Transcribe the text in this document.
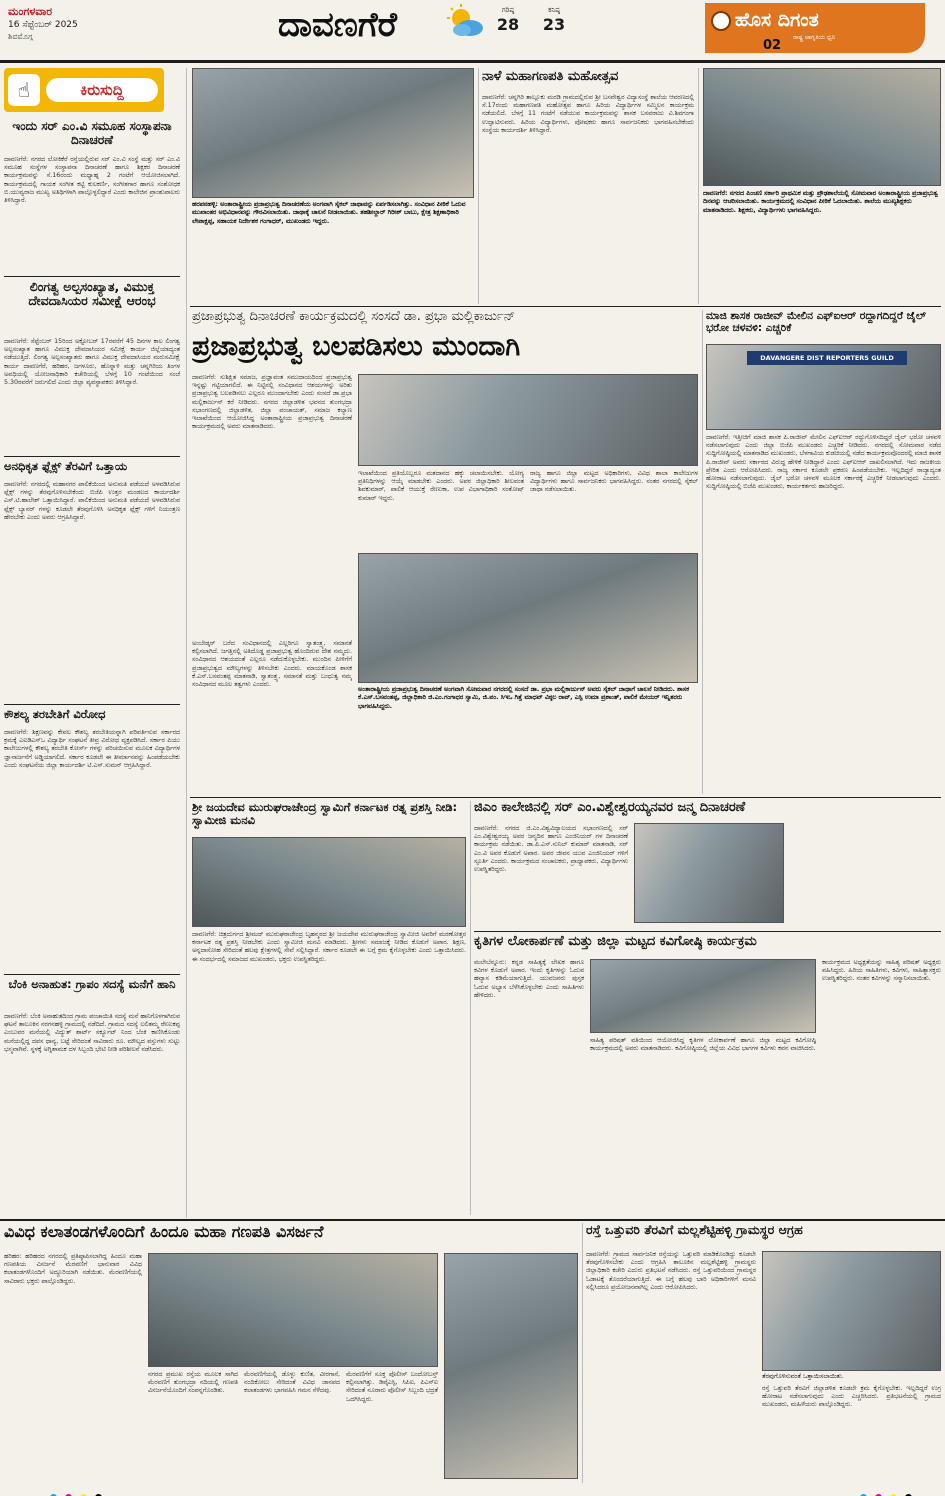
ಮಂಗಳವಾರ
16 ಸೆಪ್ಟೆಂಬರ್ 2025
ಶಿವಮೊಗ್ಗ	ದಾವಣಗೆರೆ	ಗರಿಷ್ಠ
28
ಕನಿಷ್ಠ
23	ಹೊಸ ದಿಗಂತ
ರಾಷ್ಟ್ರ ಜಾಗೃತಿಯ ಧ್ವನಿ
02
☝	ಕಿರುಸುದ್ದಿ
ಇಂದು ಸರ್ ಎಂ.ವಿ ಸಮೂಹ ಸಂಸ್ಥಾಪನಾ ದಿನಾಚರಣೆ
ದಾವಣಗೆರೆ: ನಗರದ ಲೋಕಿಕೆರೆ ರಸ್ತೆಯಲ್ಲಿರುವ ಸರ್ ಎಂ.ವಿ ಸಂಸ್ಥೆ ಮತ್ತು ಸರ್ ಎಂ.ವಿ ಸಮೂಹ ಸಂಸ್ಥೆಗಳ ಸಂಸ್ಥಾಪನಾ ದಿನಾಚರಣೆ ಹಾಗೂ ಶಿಕ್ಷಕರ ದಿನಾಚರಣೆ ಕಾರ್ಯಕ್ರಮವನ್ನು ಸೆ.16ರಂದು ಮಧ್ಯಾಹ್ನ 2 ಗಂಟೆಗೆ ಆಯೋಜಿಸಲಾಗಿದೆ. ಕಾರ್ಯಕ್ರಮದಲ್ಲಿ ಗಾಯಕ ಸಂಗೀತ ಕಟ್ಟಿ ಕುಲಕರ್ಣಿ, ಸಂಗೀತಗಾರ ಹಾಗೂ ಸಂಶೋಧಕ ಬಿ.ಯುವ್ವರಾಜ ಮುಖ್ಯ ಅತಿಥಿಗಳಾಗಿ ಪಾಲ್ಗೊಳ್ಳಲಿದ್ದಾರೆ ಎಂದು ಕಾಲೇಜಿನ ಪ್ರಾಂಶುಪಾಲರು ತಿಳಿಸಿದ್ದಾರೆ.
ಲಿಂಗತ್ವ ಅಲ್ಪಸಂಖ್ಯಾತ, ವಿಮುಕ್ತ ದೇವದಾಸಿಯರ ಸಮೀಕ್ಷೆ ಆರಂಭ
ದಾವಣಗೆರೆ: ಸೆಪ್ಟೆಂಬರ್ 15ರಿಂದ ಅಕ್ಟೋಬರ್ 17ರವರೆಗೆ 45 ದಿನಗಳ ಕಾಲ ಲಿಂಗತ್ವ ಅಲ್ಪಸಂಖ್ಯಾತ ಹಾಗೂ ವಿಮುಕ್ತ ದೇವದಾಸಿಯರ ಸಮೀಕ್ಷೆ ಕಾರ್ಯ ಜಿಲ್ಲೆಯಾದ್ಯಂತ ನಡೆಯುತ್ತಿದೆ. ಲಿಂಗತ್ವ ಅಲ್ಪಸಂಖ್ಯಾತರು ಹಾಗೂ ವಿಮುಕ್ತ ದೇವದಾಸಿಯರ ಮರುಸಮೀಕ್ಷೆ ಕಾರ್ಯ ದಾವಣಗೆರೆ, ಹರಿಹರ, ಜಗಳೂರು, ಹೊನ್ನಾಳಿ ಮತ್ತು ಚನ್ನಗಿರಿಯ ತಿಂಗಳ ಅವಧಿಯಲ್ಲಿ ಯೋಜನಾಧಿಕಾರಿ ಕಚೇರಿಯಲ್ಲಿ ಬೆಳಗ್ಗೆ 10 ಗಂಟೆಯಿಂದ ಸಂಜೆ 5.30ರವರೆಗೆ ಜರುಗಲಿದೆ ಎಂದು ಜಿಲ್ಲಾ ವ್ಯವಸ್ಥಾಪಕರು ತಿಳಿಸಿದ್ದಾರೆ.
ಅನಧಿಕೃತ ಫ್ಲೆಕ್ಸ್ ತೆರವಿಗೆ ಒತ್ತಾಯ
ದಾವಣಗೆರೆ: ನಗರದಲ್ಲಿ ಮಹಾನಗರ ಪಾಲಿಕೆಯಿಂದ ಅನುಮತಿ ಪಡೆಯದೆ ಅಳವಡಿಸಿರುವ ಫ್ಲೆಕ್ಸ್ ಗಳನ್ನು ತೆರವುಗೊಳಿಸಬೇಕೆಂದು ಬಿಜೆಪಿ ಉತ್ತರ ಮಂಡಲದ ಕಾರ್ಯದರ್ಶಿ ಎಸ್.ಟಿ.ಹಾಲೇಶ್ ಒತ್ತಾಯಿಸಿದ್ದಾರೆ. ಪಾಲಿಕೆಯಿಂದ ಅನುಮತಿ ಪಡೆಯದೆ ಅಳವಡಿಸಿರುವ ಫ್ಲೆಕ್ಸ್ ಬ್ಯಾನರ್ ಗಳನ್ನು ಕೂಡಲೇ ತೆರವುಗೊಳಿಸಿ ಅನಧಿಕೃತ ಫ್ಲೆಕ್ಸ್ ಗಳಿಗೆ ನಿಯಂತ್ರಣ ಹೇರಬೇಕು ಎಂದು ಅವರು ಆಗ್ರಹಿಸಿದ್ದಾರೆ.
ಕೌಶಲ್ಯ ತರಬೇತಿಗೆ ವಿರೋಧ
ದಾವಣಗೆರೆ: ಶಿಕ್ಷಣವನ್ನು ಕೇವಲ ಕೌಶಲ್ಯ ತರಬೇತಿಯನ್ನಾಗಿ ಪರಿವರ್ತಿಸುವ ಸರ್ಕಾರದ ಕ್ರಮಕ್ಕೆ ಎಐಡಿಎಸ್ಒ ವಿದ್ಯಾರ್ಥಿ ಸಂಘಟನೆ ತೀವ್ರ ವಿರೋಧ ವ್ಯಕ್ತಪಡಿಸಿದೆ. ಸರ್ಕಾರ ಪಿಯು ಕಾಲೇಜುಗಳಲ್ಲಿ ಕೌಶಲ್ಯ ತರಬೇತಿ ಕೋರ್ಸ್ ಗಳನ್ನು ಪರಿಚಯಿಸುವ ಮೂಲಕ ವಿದ್ಯಾರ್ಥಿಗಳ ಜ್ಞಾನಾರ್ಜನೆಗೆ ಅಡ್ಡಿಯಾಗಲಿದೆ. ಸರ್ಕಾರ ಕೂಡಲೇ ಈ ತೀರ್ಮಾನವನ್ನು ಹಿಂಪಡೆಯಬೇಕು ಎಂದು ಸಂಘಟನೆಯ ಜಿಲ್ಲಾ ಕಾರ್ಯದರ್ಶಿ ಟಿ.ಎಸ್.ಸುಮನ್ ಆಗ್ರಹಿಸಿದ್ದಾರೆ.
ಬೆಂಕಿ ಅನಾಹುತ: ಗ್ರಾಪಂ ಸದಸ್ಯೆ ಮನೆಗೆ ಹಾನಿ
ದಾವಣಗೆರೆ: ಬೆಂಕಿ ಅನಾಹುತದಿಂದ ಗ್ರಾಮ ಪಂಚಾಯಿತಿ ಸದಸ್ಯೆ ಮನೆ ಹಾನಿಗೊಳಗಾಗಿರುವ ಘಟನೆ ತಾಲೂಕಿನ ನರಗನಹಳ್ಳಿ ಗ್ರಾಮದಲ್ಲಿ ನಡೆದಿದೆ. ಗ್ರಾಮದ ಸದಸ್ಯೆ ಲಲಿತಮ್ಮ ರೇಣುಕಪ್ಪ ಎಂಬುವರ ಮನೆಯಲ್ಲಿ ವಿದ್ಯುತ್ ಶಾರ್ಟ್ ಸರ್ಕ್ಯೂಟ್ ನಿಂದ ಬೆಂಕಿ ಕಾಣಿಸಿಕೊಂಡು ಮನೆಯಲ್ಲಿದ್ದ ದವಸ ಧಾನ್ಯ, ಬಟ್ಟೆ ಸೇರಿದಂತೆ ಸಾವಿರಾರು ರೂ. ಮೌಲ್ಯದ ವಸ್ತುಗಳು ಸುಟ್ಟು ಭಸ್ಮವಾಗಿವೆ. ಸ್ಥಳಕ್ಕೆ ಅಗ್ನಿಶಾಮಕ ದಳ ಸಿಬ್ಬಂದಿ ಭೇಟಿ ನೀಡಿ ಪರಿಶೀಲನೆ ನಡೆಸಿದರು.
ಹರಪನಹಳ್ಳಿ: ಅಂತಾರಾಷ್ಟ್ರೀಯ ಪ್ರಜಾಪ್ರಭುತ್ವ ದಿನಾಚರಣೆಯ ಅಂಗವಾಗಿ ಸೈಕಲ್ ಜಾಥಾವನ್ನು ಏರ್ಪಡಿಸಲಾಗಿತ್ತು. ಸಂವಿಧಾನ ಪೀಠಿಕೆ ಓದುವ ಮುಖಾಂತರ ಅಭಿವಿಧಾನವನ್ನು ಗೌರವಿಸಲಾಯಿತು. ಜಾಥಾಕ್ಕೆ ಚಾಲನೆ ನೀಡಲಾಯಿತು. ತಹಶೀಲ್ದಾರ್ ಗಿರೀಶ್ ಬಾಬು, ಕ್ಷೇತ್ರ ಶಿಕ್ಷಣಾಧಿಕಾರಿ ಲೇಪಾಕ್ಷಪ್ಪ, ಸಹಾಯಕ ನಿರ್ದೇಶಕ ಗಂಗಾಧರ್, ಮುಖಂಡರು ಇದ್ದರು.
ನಾಳೆ ಮಹಾಗಣಪತಿ ಮಹೋತ್ಸವ
ದಾವಣಗೆರೆ: ಚನ್ನಗಿರಿ ತಾಲ್ಲೂಕು ಮರಡಿ ಗ್ರಾಮದಲ್ಲಿರುವ ಶ್ರೀ ಬಸವೇಶ್ವರ ವಿದ್ಯಾಸಂಸ್ಥೆ ಶಾಲೆಯ ಆವರಣದಲ್ಲಿ ಸೆ.17ರಂದು ಮಹಾಗಣಪತಿ ಮಹೋತ್ಸವ ಹಾಗೂ ಹಿರಿಯ ವಿದ್ಯಾರ್ಥಿಗಳ ಸಮ್ಮಿಲನ ಕಾರ್ಯಕ್ರಮ ನಡೆಯಲಿದೆ. ಬೆಳಗ್ಗೆ 11 ಗಂಟೆಗೆ ನಡೆಯುವ ಕಾರ್ಯಕ್ರಮವನ್ನು ಶಾಸಕ ಬಸವರಾಜು ವಿ.ಶಿವಗಂಗಾ ಉದ್ಘಾಟಿಸುವರು. ಹಿರಿಯ ವಿದ್ಯಾರ್ಥಿಗಳು, ಪೋಷಕರು ಹಾಗೂ ಸಾರ್ವಜನಿಕರು ಭಾಗವಹಿಸಬೇಕೆಂದು ಸಂಸ್ಥೆಯ ಕಾರ್ಯದರ್ಶಿ ತಿಳಿಸಿದ್ದಾರೆ.
ದಾವಣಗೆರೆ: ನಗರದ ಪಿಂಚಣಿ ಸರ್ಕಾರಿ ಪ್ರಾಥಮಿಕ ಮತ್ತು ಪ್ರೌಢಶಾಲೆಯಲ್ಲಿ ಸೋಮವಾರ ಅಂತಾರಾಷ್ಟ್ರೀಯ ಪ್ರಜಾಪ್ರಭುತ್ವ ದಿನವನ್ನು ಆಚರಿಸಲಾಯಿತು. ಕಾರ್ಯಕ್ರಮದಲ್ಲಿ ಸಂವಿಧಾನ ಪೀಠಿಕೆ ಓದಲಾಯಿತು. ಶಾಲೆಯ ಮುಖ್ಯಶಿಕ್ಷಕರು ಮಾತನಾಡಿದರು. ಶಿಕ್ಷಕರು, ವಿದ್ಯಾರ್ಥಿಗಳು ಭಾಗವಹಿಸಿದ್ದರು.
ಪ್ರಜಾಪ್ರಭುತ್ವ ದಿನಾಚರಣೆ ಕಾರ್ಯಕ್ರಮದಲ್ಲಿ ಸಂಸದೆ ಡಾ. ಪ್ರಭಾ ಮಲ್ಲಿಕಾರ್ಜುನ್
ಪ್ರಜಾಪ್ರಭುತ್ವ ಬಲಪಡಿಸಲು ಮುಂದಾಗಿ
ದಾವಣಗೆರೆ: ಸುಶಿಕ್ಷಿತ ಸಮಾಜ, ಪ್ರಜ್ಞಾವಂತ ಸಮುದಾಯದಿಂದ ಪ್ರಜಾಪ್ರಭುತ್ವ ಇನ್ನಷ್ಟು ಗಟ್ಟಿಯಾಗಲಿದೆ. ಈ ನಿಟ್ಟಿನಲ್ಲಿ ಸಂವಿಧಾನದ ಆಶಯಗಳನ್ನು ಅರಿತು ಪ್ರಜಾಪ್ರಭುತ್ವ ಬಲಪಡಿಸಲು ಎಲ್ಲರೂ ಮುಂದಾಗಬೇಕು ಎಂದು ಸಂಸದೆ ಡಾ.ಪ್ರಭಾ ಮಲ್ಲಿಕಾರ್ಜುನ್ ಕರೆ ನೀಡಿದರು. ನಗರದ ಜಿಲ್ಲಾಡಳಿತ ಭವನದ ತುಂಗಭದ್ರಾ ಸಭಾಂಗಣದಲ್ಲಿ ಜಿಲ್ಲಾಡಳಿತ, ಜಿಲ್ಲಾ ಪಂಚಾಯತ್, ಸಮಾಜ ಕಲ್ಯಾಣ ಇಲಾಖೆಯಿಂದ ಆಯೋಜಿಸಿದ್ದ ಅಂತಾರಾಷ್ಟ್ರೀಯ ಪ್ರಜಾಪ್ರಭುತ್ವ ದಿನಾಚರಣೆ ಕಾರ್ಯಕ್ರಮದಲ್ಲಿ ಅವರು ಮಾತನಾಡಿದರು.
ಅಂಬೇಡ್ಕರ್ ಬರೆದ ಸಂವಿಧಾನದಲ್ಲಿ ಎಲ್ಲರಿಗೂ ಸ್ವಾತಂತ್ರ್ಯ, ಸಮಾನತೆ ಕಲ್ಪಿಸಲಾಗಿದೆ. ಜಗತ್ತಿನಲ್ಲಿ ಅತಿದೊಡ್ಡ ಪ್ರಜಾಪ್ರಭುತ್ವ ಹೊಂದಿರುವ ದೇಶ ನಮ್ಮದು. ಸಂವಿಧಾನದ ಆಶಯದಂತೆ ಎಲ್ಲರೂ ನಡೆದುಕೊಳ್ಳಬೇಕು. ಮುಂದಿನ ಪೀಳಿಗೆಗೆ ಪ್ರಜಾಪ್ರಭುತ್ವದ ಮೌಲ್ಯಗಳನ್ನು ತಿಳಿಸಬೇಕು ಎಂದರು. ಮಾಯಕೊಂಡ ಶಾಸಕ ಕೆ.ಎಸ್.ಬಸವಂತಪ್ಪ ಮಾತನಾಡಿ, ಸ್ವಾತಂತ್ರ್ಯ, ಸಮಾನತೆ ಮತ್ತು ಬಂಧುತ್ವ ನಮ್ಮ ಸಂವಿಧಾನದ ಮೂಲ ತತ್ವಗಳು ಎಂದರು.
ಇಲಾಖೆಯಿಂದ ಪ್ರತಿಯೊಬ್ಬರೂ ಮತದಾನದ ಹಕ್ಕು ಚಲಾಯಿಸಬೇಕು. ಯೋಗ್ಯ ಪ್ರತಿನಿಧಿಗಳನ್ನು ಆಯ್ಕೆ ಮಾಡಬೇಕು ಎಂದರು. ಅಪರ ಜಿಲ್ಲಾಧಿಕಾರಿ ಶೀಲವಂತ ಶಿವಕುಮಾರ್, ಪಾಲಿಕೆ ಆಯುಕ್ತೆ ರೇಣುಕಾ, ಉಪ ವಿಭಾಗಾಧಿಕಾರಿ ಸಂತೋಷ್ ಕುಮಾರ್ ಇದ್ದರು.
ರಾಜ್ಯ ಹಾಗೂ ಜಿಲ್ಲಾ ಮಟ್ಟದ ಅಧಿಕಾರಿಗಳು, ವಿವಿಧ ಶಾಲಾ ಕಾಲೇಜುಗಳ ವಿದ್ಯಾರ್ಥಿಗಳು ಹಾಗೂ ಸಾರ್ವಜನಿಕರು ಭಾಗವಹಿಸಿದ್ದರು. ನಂತರ ನಗರದಲ್ಲಿ ಸೈಕಲ್ ಜಾಥಾ ನಡೆಸಲಾಯಿತು.
ಅಂತಾರಾಷ್ಟ್ರೀಯ ಪ್ರಜಾಪ್ರಭುತ್ವ ದಿನಾಚರಣೆ ಅಂಗವಾಗಿ ಸೋಮವಾರ ನಗರದಲ್ಲಿ ಸಂಸದೆ ಡಾ. ಪ್ರಭಾ ಮಲ್ಲಿಕಾರ್ಜುನ್ ಅವರು ಸೈಕಲ್ ಜಾಥಾಗೆ ಚಾಲನೆ ನೀಡಿದರು. ಶಾಸಕ ಕೆ.ಎಸ್.ಬಸವಂತಪ್ಪ, ಜಿಲ್ಲಾಧಿಕಾರಿ ಜಿ.ಎಂ.ಗಂಗಾಧರ ಸ್ವಾಮಿ, ಜಿ.ಪಂ. ಸಿಇಒ ಗಿತ್ತೆ ಮಾಧವ್ ವಿಠ್ಠಲ ರಾವ್, ಎಸ್ಪಿ ಉಮಾ ಪ್ರಶಾಂತ್, ಪಾಲಿಕೆ ಮೇಯರ್ ಇನ್ನಿತರರು ಭಾಗವಹಿಸಿದ್ದರು.
ಮಾಜಿ ಶಾಸಕ ರಾಜೀವ್ ಮೇಲಿನ ಎಫ್ಐಆರ್ ರದ್ದಾಗದಿದ್ದರೆ ಜೈಲ್ ಭರೋ ಚಳವಳಿ: ಎಚ್ಚರಿಕೆ
DAVANGERE DIST REPORTERS GUILD
ದಾವಣಗೆರೆ: ಇತ್ತೀಚಿಗೆ ಮಾಜಿ ಶಾಸಕ ಪಿ.ರಾಜೀವ್ ಮೇಲಿನ ಎಫ್ಐಆರ್ ರದ್ದುಗೊಳಿಸದಿದ್ದರೆ ಜೈಲ್ ಭರೋ ಚಳವಳಿ ನಡೆಸಲಾಗುವುದು ಎಂದು ಜಿಲ್ಲಾ ಬಿಜೆಪಿ ಮುಖಂಡರು ಎಚ್ಚರಿಕೆ ನೀಡಿದರು. ನಗರದಲ್ಲಿ ಸೋಮವಾರ ನಡೆದ ಸುದ್ದಿಗೋಷ್ಠಿಯಲ್ಲಿ ಮಾತನಾಡಿದ ಮುಖಂಡರು, ಬೆಳಗಾವಿಯ ಕುಡಚಿಯಲ್ಲಿ ನಡೆದ ಕಾರ್ಯಕ್ರಮವೊಂದರಲ್ಲಿ ಮಾಜಿ ಶಾಸಕ ಪಿ.ರಾಜೀವ್ ಅವರು ಸರ್ಕಾರದ ವಿರುದ್ಧ ಹೇಳಿಕೆ ನೀಡಿದ್ದಾರೆ ಎಂದು ಎಫ್ಐಆರ್ ದಾಖಲಿಸಲಾಗಿದೆ. ಇದು ರಾಜಕೀಯ ಪ್ರೇರಿತ ಎಂದು ಆರೋಪಿಸಿದರು. ರಾಜ್ಯ ಸರ್ಕಾರ ಕೂಡಲೇ ಪ್ರಕರಣ ಹಿಂಪಡೆಯಬೇಕು. ಇಲ್ಲದಿದ್ದರೆ ರಾಜ್ಯಾದ್ಯಂತ ಹೋರಾಟ ನಡೆಸಲಾಗುವುದು. ಜೈಲ್ ಭರೋ ಚಳವಳಿ ಮೂಲಕ ಸರ್ಕಾರಕ್ಕೆ ಎಚ್ಚರಿಕೆ ನೀಡಲಾಗುವುದು ಎಂದರು. ಸುದ್ದಿಗೋಷ್ಠಿಯಲ್ಲಿ ಬಿಜೆಪಿ ಮುಖಂಡರು, ಕಾರ್ಯಕರ್ತರು ಹಾಜರಿದ್ದರು.
ಶ್ರೀ ಜಯದೇವ ಮುರುಘರಾಜೇಂದ್ರ ಸ್ವಾಮಿಗೆ ಕರ್ನಾಟಕ ರತ್ನ ಪ್ರಶಸ್ತಿ ನೀಡಿ: ಸ್ವಾಮೀಜಿ ಮನವಿ
ದಾವಣಗೆರೆ: ಚಿತ್ರದುರ್ಗದ ಶ್ರೀಮದ್ ಮುರುಘರಾಜೇಂದ್ರ ಬೃಹನ್ಮಠದ ಶ್ರೀ ಜಯದೇವ ಮುರುಘರಾಜೇಂದ್ರ ಸ್ವಾಮೀಜಿ ಅವರಿಗೆ ಮರಣೋತ್ತರ ಕರ್ನಾಟಕ ರತ್ನ ಪ್ರಶಸ್ತಿ ನೀಡಬೇಕು ಎಂದು ಸ್ವಾಮೀಜಿ ಮನವಿ ಮಾಡಿದರು. ಶ್ರೀಗಳು ಸಮಾಜಕ್ಕೆ ನೀಡಿದ ಕೊಡುಗೆ ಅಪಾರ. ಶಿಕ್ಷಣ, ಅನ್ನದಾಸೋಹ ಸೇರಿದಂತೆ ಹಲವು ಕ್ಷೇತ್ರಗಳಲ್ಲಿ ಸೇವೆ ಸಲ್ಲಿಸಿದ್ದಾರೆ. ಸರ್ಕಾರ ಕೂಡಲೇ ಈ ಬಗ್ಗೆ ಕ್ರಮ ಕೈಗೊಳ್ಳಬೇಕು ಎಂದು ಒತ್ತಾಯಿಸಿದರು. ಈ ಸಂದರ್ಭದಲ್ಲಿ ಸಮಾಜದ ಮುಖಂಡರು, ಭಕ್ತರು ಉಪಸ್ಥಿತರಿದ್ದರು.
ಜಿಎಂ ಕಾಲೇಜಿನಲ್ಲಿ ಸರ್ ಎಂ.ವಿಶ್ವೇಶ್ವರಯ್ಯನವರ ಜನ್ಮ ದಿನಾಚರಣೆ
ದಾವಣಗೆರೆ: ನಗರದ ಜಿ.ಎಂ.ವಿಶ್ವವಿದ್ಯಾಲಯದ ಸಭಾಂಗಣದಲ್ಲಿ ಸರ್ ಎಂ.ವಿಶ್ವೇಶ್ವರಯ್ಯ ಅವರ ಜನ್ಮದಿನ ಹಾಗೂ ಎಂಜಿನಿಯರ್ ಗಳ ದಿನಾಚರಣೆ ಕಾರ್ಯಕ್ರಮ ನಡೆಯಿತು. ಡಾ.ಪಿ.ಎಸ್.ಸುನಿಲ್ ಕುಮಾರ್ ಮಾತನಾಡಿ, ಸರ್ ಎಂ.ವಿ ಅವರ ಕೊಡುಗೆ ಅಪಾರ. ಅವರ ಜೀವನ ಯುವ ಎಂಜಿನಿಯರ್ ಗಳಿಗೆ ಸ್ಫೂರ್ತಿ ಎಂದರು. ಕಾರ್ಯಕ್ರಮದ ಸಂಚಾಲಕರು, ಪ್ರಾಧ್ಯಾಪಕರು, ವಿದ್ಯಾರ್ಥಿಗಳು ಉಪಸ್ಥಿತರಿದ್ದರು.
ಕೃತಿಗಳ ಲೋಕಾರ್ಪಣೆ ಮತ್ತು ಜಿಲ್ಲಾ ಮಟ್ಟದ ಕವಿಗೋಷ್ಠಿ ಕಾರ್ಯಕ್ರಮ
ಮಲೇಬೆನ್ನೂರು: ಕನ್ನಡ ಸಾಹಿತ್ಯಕ್ಕೆ ಲೇಖಕ ಹಾಗೂ ಕವಿಗಳ ಕೊಡುಗೆ ಅಪಾರ. ಇಂದು ಕೃತಿಗಳನ್ನು ಓದುವ ಹವ್ಯಾಸ ಕಡಿಮೆಯಾಗುತ್ತಿದೆ. ಯುವಜನರು ಪುಸ್ತಕ ಓದುವ ಅಭ್ಯಾಸ ಬೆಳೆಸಿಕೊಳ್ಳಬೇಕು ಎಂದು ಸಾಹಿತಿಗಳು ಹೇಳಿದರು.
ಸಾಹಿತ್ಯ ಪರಿಷತ್ ವತಿಯಿಂದ ಆಯೋಜಿಸಿದ್ದ ಕೃತಿಗಳ ಲೋಕಾರ್ಪಣೆ ಹಾಗೂ ಜಿಲ್ಲಾ ಮಟ್ಟದ ಕವಿಗೋಷ್ಠಿ ಕಾರ್ಯಕ್ರಮದಲ್ಲಿ ಅವರು ಮಾತನಾಡಿದರು. ಕವಿಗೋಷ್ಠಿಯಲ್ಲಿ ಜಿಲ್ಲೆಯ ವಿವಿಧ ಭಾಗಗಳ ಕವಿಗಳು ಕವನ ವಾಚಿಸಿದರು.
ಕಾರ್ಯಕ್ರಮದ ಅಧ್ಯಕ್ಷತೆಯನ್ನು ಸಾಹಿತ್ಯ ಪರಿಷತ್ ಅಧ್ಯಕ್ಷರು ವಹಿಸಿದ್ದರು. ಹಿರಿಯ ಸಾಹಿತಿಗಳು, ಕವಿಗಳು, ಸಾಹಿತ್ಯಾಸಕ್ತರು ಉಪಸ್ಥಿತರಿದ್ದರು. ನಂತರ ಕವಿಗಳನ್ನು ಸನ್ಮಾನಿಸಲಾಯಿತು.
ವಿವಿಧ ಕಲಾತಂಡಗಳೊಂದಿಗೆ ಹಿಂದೂ ಮಹಾ ಗಣಪತಿ ವಿಸರ್ಜನೆ
ಹರಿಹರ: ಹರಿಹರದ ನಗರದಲ್ಲಿ ಪ್ರತಿಷ್ಠಾಪಿಸಲಾಗಿದ್ದ ಹಿಂದೂ ಮಹಾ ಗಣಪತಿಯ ವಿಸರ್ಜನೆ ಮೆರವಣಿಗೆ ಭಾನುವಾರ ವಿವಿಧ ಕಲಾತಂಡಗಳೊಂದಿಗೆ ಅದ್ದೂರಿಯಾಗಿ ನಡೆಯಿತು. ಮೆರವಣಿಗೆಯಲ್ಲಿ ಸಾವಿರಾರು ಭಕ್ತರು ಪಾಲ್ಗೊಂಡಿದ್ದರು.
ನಗರದ ಪ್ರಮುಖ ರಸ್ತೆಯ ಮೂಲಕ ಸಾಗಿದ ಮೆರವಣಿಗೆ ತುಂಗಭದ್ರಾ ನದಿಯಲ್ಲಿ ಗಣಪತಿ ವಿಸರ್ಜನೆಯೊಂದಿಗೆ ಸಂಪನ್ನಗೊಂಡಿತು.
ಮೆರವಣಿಗೆಯಲ್ಲಿ ಡೊಳ್ಳು ಕುಣಿತ, ವೀರಗಾಸೆ, ನಂದಿಕೋಲು ಸೇರಿದಂತೆ ವಿವಿಧ ಜಾನಪದ ಕಲಾತಂಡಗಳು ಭಾಗವಹಿಸಿ ಗಮನ ಸೆಳೆದವು.
ಮೆರವಣಿಗೆಗೆ ಸೂಕ್ತ ಪೊಲೀಸ್ ಬಂದೋಬಸ್ತ್ ಕಲ್ಪಿಸಲಾಗಿತ್ತು. ಡಿವೈಎಸ್ಪಿ, ಸಿಪಿಐ, ಪಿಎಸ್ಐ ಸೇರಿದಂತೆ ನೂರಾರು ಪೊಲೀಸ್ ಸಿಬ್ಬಂದಿ ಭದ್ರತೆ ಒದಗಿಸಿದ್ದರು.
ರಸ್ತೆ ಒತ್ತುವರಿ ತೆರವಿಗೆ ಮಲ್ಲಶೆಟ್ಟಿಹಳ್ಳಿ ಗ್ರಾಮಸ್ಥರ ಆಗ್ರಹ
ದಾವಣಗೆರೆ: ಗ್ರಾಮದ ಸಾರ್ವಜನಿಕ ರಸ್ತೆಯನ್ನು ಒತ್ತುವರಿ ಮಾಡಿಕೊಂಡಿದ್ದು ಕೂಡಲೇ ತೆರವುಗೊಳಿಸಬೇಕು ಎಂದು ಆಗ್ರಹಿಸಿ ತಾಲೂಕಿನ ಮಲ್ಲಶೆಟ್ಟಿಹಳ್ಳಿ ಗ್ರಾಮಸ್ಥರು ಜಿಲ್ಲಾಧಿಕಾರಿ ಕಚೇರಿ ಎದುರು ಪ್ರತಿಭಟನೆ ನಡೆಸಿದರು. ರಸ್ತೆ ಒತ್ತುವರಿಯಿಂದ ಗ್ರಾಮಸ್ಥರ ಓಡಾಟಕ್ಕೆ ತೊಂದರೆಯಾಗುತ್ತಿದೆ. ಈ ಬಗ್ಗೆ ಹಲವು ಬಾರಿ ಅಧಿಕಾರಿಗಳಿಗೆ ಮನವಿ ಸಲ್ಲಿಸಿದರೂ ಪ್ರಯೋಜನವಾಗಿಲ್ಲ ಎಂದು ಆರೋಪಿಸಿದರು.
ತೆರವುಗೊಳಿಸುವಂತೆ ಒತ್ತಾಯಿಸಲಾಯಿತು.
ರಸ್ತೆ ಒತ್ತುವರಿ ತೆರವಿಗೆ ಜಿಲ್ಲಾಡಳಿತ ಕೂಡಲೇ ಕ್ರಮ ಕೈಗೊಳ್ಳಬೇಕು. ಇಲ್ಲದಿದ್ದರೆ ಉಗ್ರ ಹೋರಾಟ ನಡೆಸಲಾಗುವುದು ಎಂದು ಎಚ್ಚರಿಸಿದರು. ಪ್ರತಿಭಟನೆಯಲ್ಲಿ ಗ್ರಾಮದ ಮುಖಂಡರು, ಮಹಿಳೆಯರು ಪಾಲ್ಗೊಂಡಿದ್ದರು.
